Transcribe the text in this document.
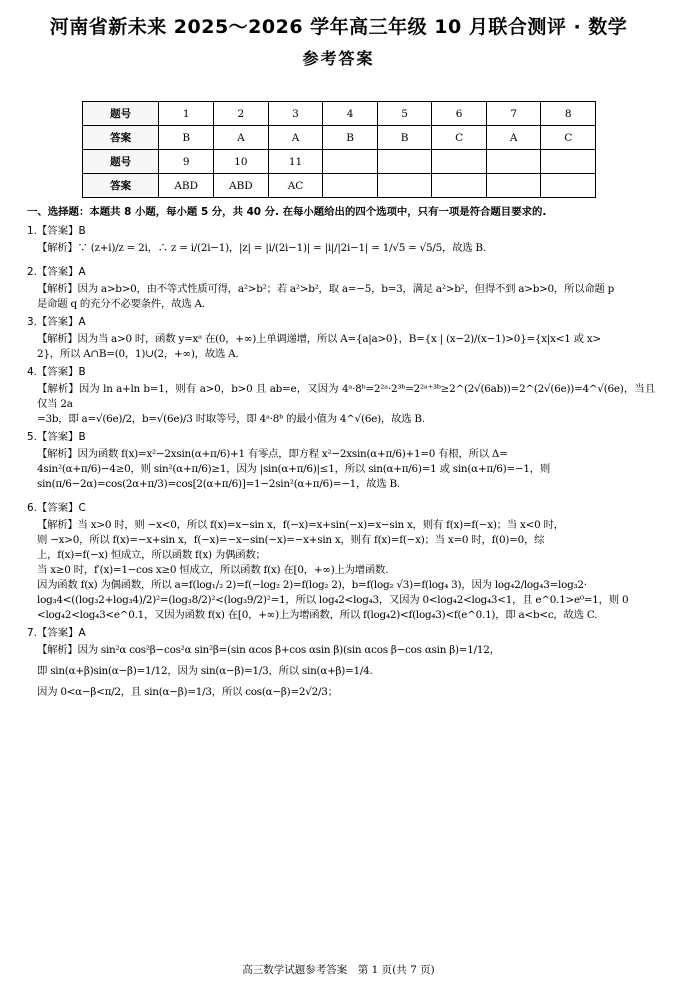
河南省新未来 2025～2026 学年高三年级 10 月联合测评 · 数学
参考答案
题号	1	2	3	4	5	6	7	8
答案	B	A	A	B	B	C	A	C
题号	9	10	11					
答案	ABD	ABD	AC					
一、选择题：本题共 8 小题，每小题 5 分，共 40 分. 在每小题给出的四个选项中，只有一项是符合题目要求的.
1.【答案】B
【解析】∵ (z+i)/z = 2i，∴ z = i/(2i−1)，|z| = |i/(2i−1)| = |i|/|2i−1| = 1/√5 = √5/5，故选 B.
2.【答案】A
【解析】因为 a>b>0，由不等式性质可得，a²>b²；若 a²>b²，取 a=−5，b=3，满足 a²>b²，但得不到 a>b>0，所以命题 p
是命题 q 的充分不必要条件，故选 A.
3.【答案】A
【解析】因为当 a>0 时，函数 y=xᵃ 在(0，+∞)上单调递增，所以 A={a|a>0}，B={x | (x−2)/(x−1)>0}={x|x<1 或 x>
2}，所以 A∩B=(0，1)∪(2，+∞)，故选 A.
4.【答案】B
【解析】因为 ln a+ln b=1，则有 a>0，b>0 且 ab=e，又因为 4ᵃ·8ᵇ=2²ᵃ·2³ᵇ=2²ᵃ⁺³ᵇ≥2^(2√(6ab))=2^(2√(6e))=4^√(6e)，当且仅当 2a
=3b，即 a=√(6e)/2，b=√(6e)/3 时取等号，即 4ᵃ·8ᵇ 的最小值为 4^√(6e)，故选 B.
5.【答案】B
【解析】因为函数 f(x)=x²−2xsin(α+π/6)+1 有零点，即方程 x²−2xsin(α+π/6)+1=0 有根，所以 Δ=
4sin²(α+π/6)−4≥0，则 sin²(α+π/6)≥1，因为 |sin(α+π/6)|≤1，所以 sin(α+π/6)=1 或 sin(α+π/6)=−1，则
sin(π/6−2α)=cos(2α+π/3)=cos[2(α+π/6)]=1−2sin²(α+π/6)=−1，故选 B.
6.【答案】C
【解析】当 x>0 时，则 −x<0，所以 f(x)=x−sin x，f(−x)=x+sin(−x)=x−sin x，则有 f(x)=f(−x)；当 x<0 时，
则 −x>0，所以 f(x)=−x+sin x，f(−x)=−x−sin(−x)=−x+sin x，则有 f(x)=f(−x)；当 x=0 时，f(0)=0，综
上，f(x)=f(−x) 恒成立，所以函数 f(x) 为偶函数；
当 x≥0 时，f′(x)=1−cos x≥0 恒成立，所以函数 f(x) 在[0，+∞)上为增函数.
因为函数 f(x) 为偶函数，所以 a=f(log₁/₂ 2)=f(−log₂ 2)=f(log₂ 2)，b=f(log₂ √3)=f(log₄ 3)，因为 log₄2/log₄3=log₃2·
log₃4<((log₃2+log₃4)/2)²=(log₃8/2)²<(log₃9/2)²=1，所以 log₄2<log₄3，又因为 0<log₄2<log₄3<1，且 e^0.1>e⁰=1，则 0
<log₄2<log₄3<e^0.1，又因为函数 f(x) 在[0，+∞)上为增函数，所以 f(log₄2)<f(log₄3)<f(e^0.1)，即 a<b<c，故选 C.
7.【答案】A
【解析】因为 sin²α cos²β−cos²α sin²β=(sin αcos β+cos αsin β)(sin αcos β−cos αsin β)=1/12，
即 sin(α+β)sin(α−β)=1/12，因为 sin(α−β)=1/3，所以 sin(α+β)=1/4.
因为 0<α−β<π/2，且 sin(α−β)=1/3，所以 cos(α−β)=2√2/3；
高三数学试题参考答案　第 1 页(共 7 页)
